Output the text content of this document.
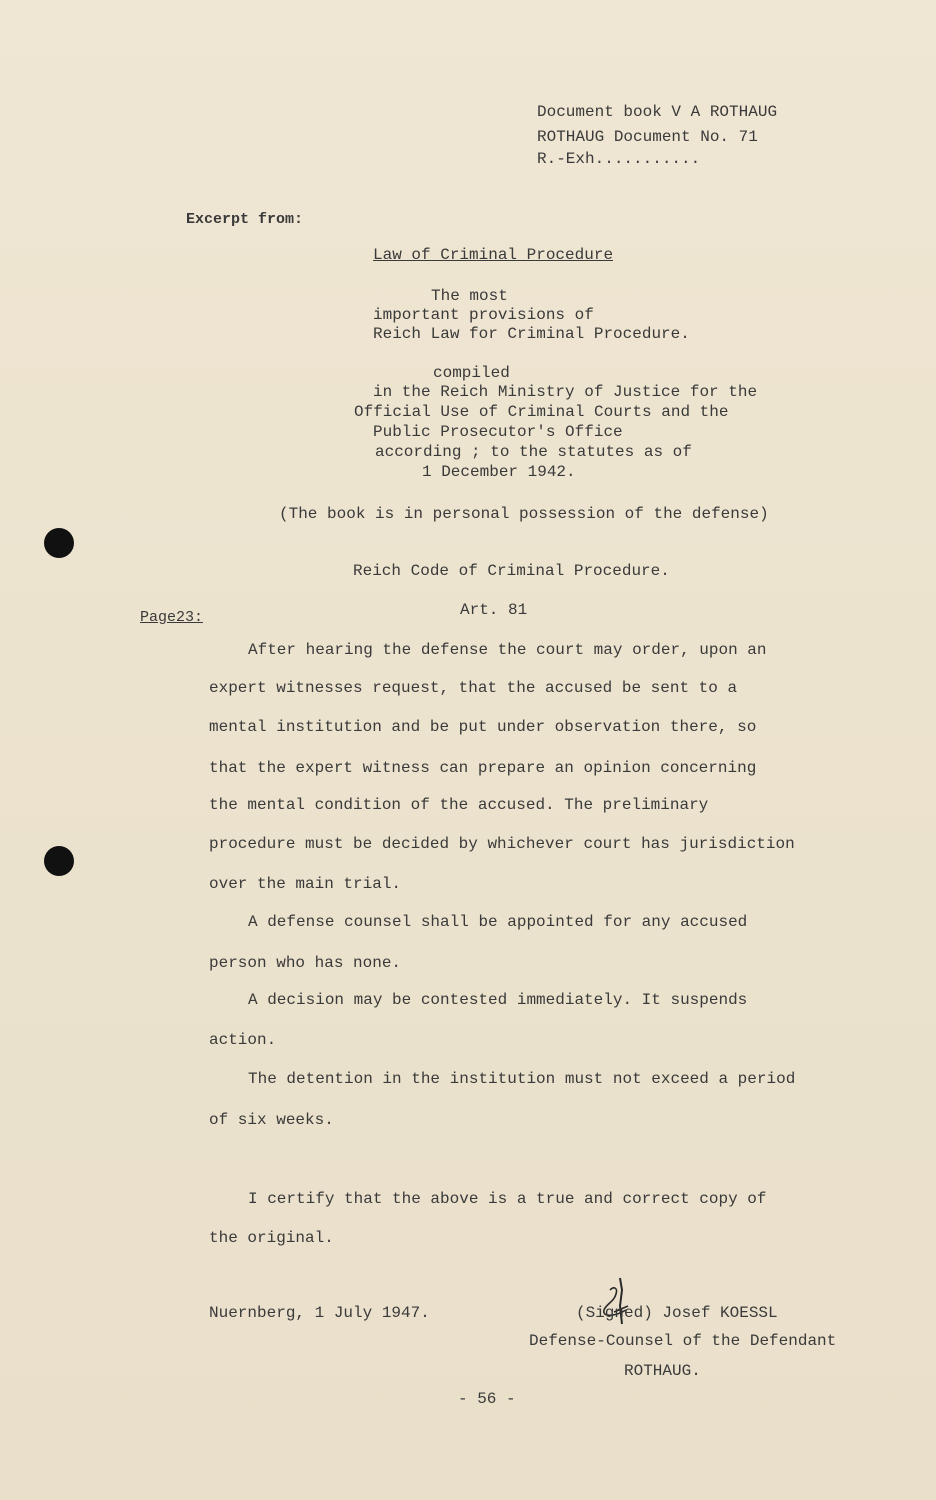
Document book V A ROTHAUG
ROTHAUG Document No. 71
R.-Exh...........
Excerpt from:
Law of Criminal Procedure
The most
important provisions of
Reich Law for Criminal Procedure.
compiled
in the Reich Ministry of Justice for the
Official Use of Criminal Courts and the
Public Prosecutor's Office
according ; to the statutes as of
1 December 1942.
(The book is in personal possession of the defense)
Reich Code of Criminal Procedure.
Page23:	Art. 81
After hearing the defense the court may order, upon an
expert witnesses request, that the accused be sent to a
mental institution and be put under observation there, so
that the expert witness can prepare an opinion concerning
the mental condition of the accused. The preliminary
procedure must be decided by whichever court has jurisdiction
over the main trial.
A defense counsel shall be appointed for any accused
person who has none.
A decision may be contested immediately. It suspends
action.
The detention in the institution must not exceed a period
of six weeks.
I certify that the above is a true and correct copy of
the original.
Nuernberg, 1 July 1947.	(Signed) Josef KOESSL
Defense-Counsel of the Defendant
ROTHAUG.
- 56 -
